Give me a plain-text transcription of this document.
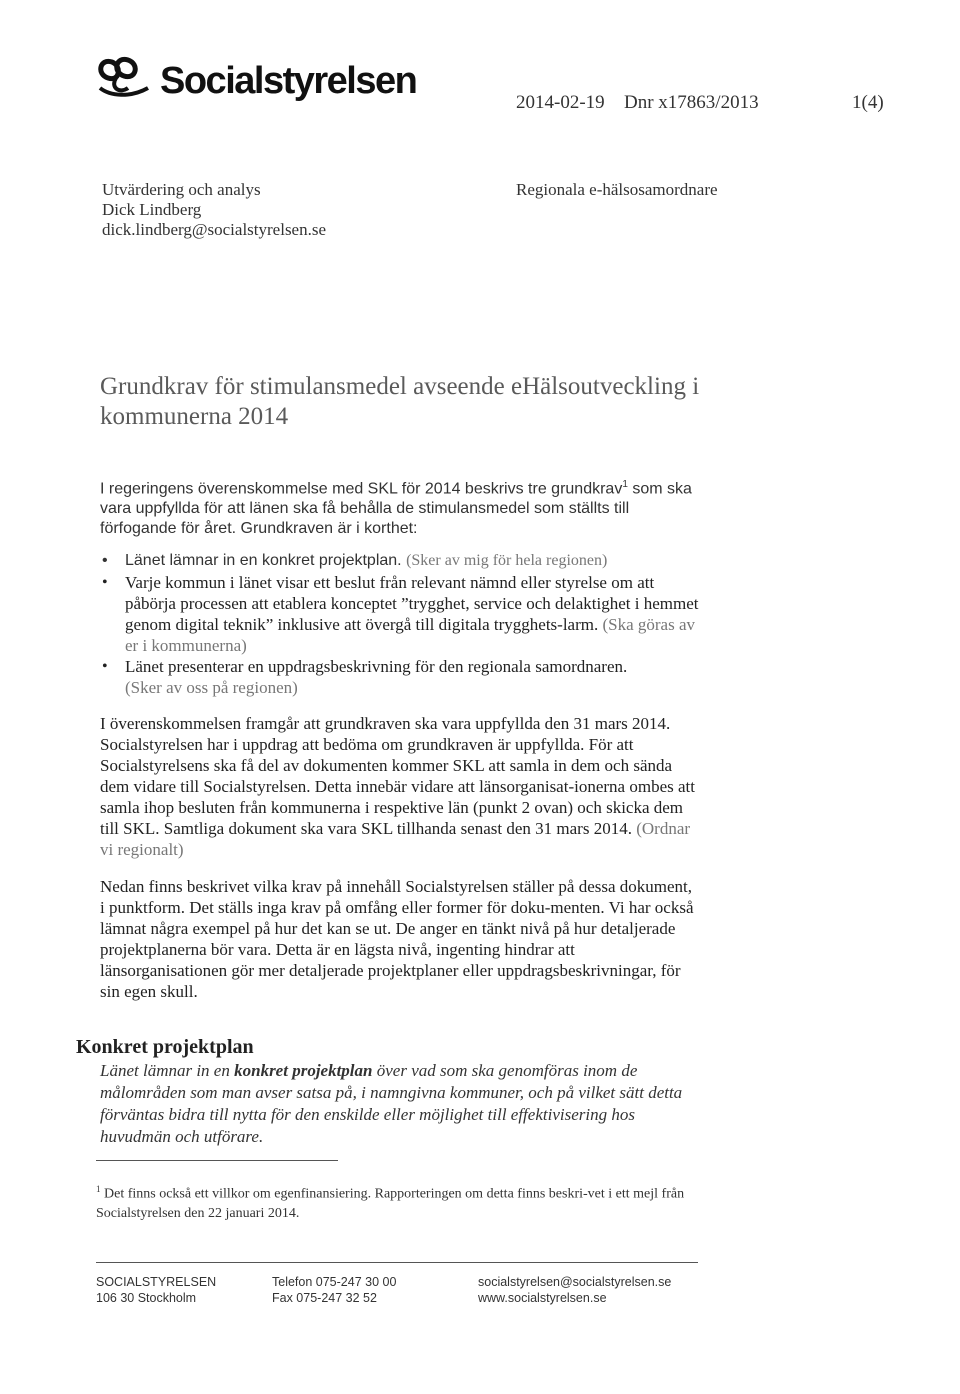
Socialstyrelsen
2014-02-19 Dnr x17863/2013	1(4)
Utvärdering och analys
Dick Lindberg
dick.lindberg@socialstyrelsen.se
Regionala e-hälsosamordnare
Grundkrav för stimulansmedel avseende eHälsoutveckling i kommunerna 2014
I regeringens överenskommelse med SKL för 2014 beskrivs tre grundkrav$^1$ som ska vara uppfyllda för att länen ska få behålla de stimulansmedel som ställts till förfogande för året. Grundkraven är i korthet:
• Länet lämnar in en konkret projektplan. (Sker av mig för hela regionen)
• Varje kommun i länet visar ett beslut från relevant nämnd eller styrelse om att påbörja processen att etablera konceptet ”trygghet, service och delaktighet i hemmet genom digital teknik” inklusive att övergå till digitala trygghets-larm. (Ska göras av er i kommunerna)
• Länet presenterar en uppdragsbeskrivning för den regionala samordnaren.
(Sker av oss på regionen)
I överenskommelsen framgår att grundkraven ska vara uppfyllda den 31 mars 2014. Socialstyrelsen har i uppdrag att bedöma om grundkraven är uppfyllda. För att Socialstyrelsens ska få del av dokumenten kommer SKL att samla in dem och sända dem vidare till Socialstyrelsen. Detta innebär vidare att länsorganisat-ionerna ombes att samla ihop besluten från kommunerna i respektive län (punkt 2 ovan) och skicka dem till SKL. Samtliga dokument ska vara SKL tillhanda senast den 31 mars 2014. (Ordnar vi regionalt)
Nedan finns beskrivet vilka krav på innehåll Socialstyrelsen ställer på dessa dokument, i punktform. Det ställs inga krav på omfång eller former för doku-menten. Vi har också lämnat några exempel på hur det kan se ut. De anger en tänkt nivå på hur detaljerade projektplanerna bör vara. Detta är en lägsta nivå, ingenting hindrar att länsorganisationen gör mer detaljerade projektplaner eller uppdragsbeskrivningar, för sin egen skull.
Konkret projektplan
Länet lämnar in en konkret projektplan över vad som ska genomföras inom de målområden som man avser satsa på, i namngivna kommuner, och på vilket sätt detta förväntas bidra till nytta för den enskilde eller möjlighet till effektivisering hos huvudmän och utförare.
$^1$ Det finns också ett villkor om egenfinansiering. Rapporteringen om detta finns beskri-vet i ett mejl från Socialstyrelsen den 22 januari 2014.
SOCIALSTYRELSEN
106 30 Stockholm
Telefon 075-247 30 00
Fax 075-247 32 52
socialstyrelsen@socialstyrelsen.se
www.socialstyrelsen.se
